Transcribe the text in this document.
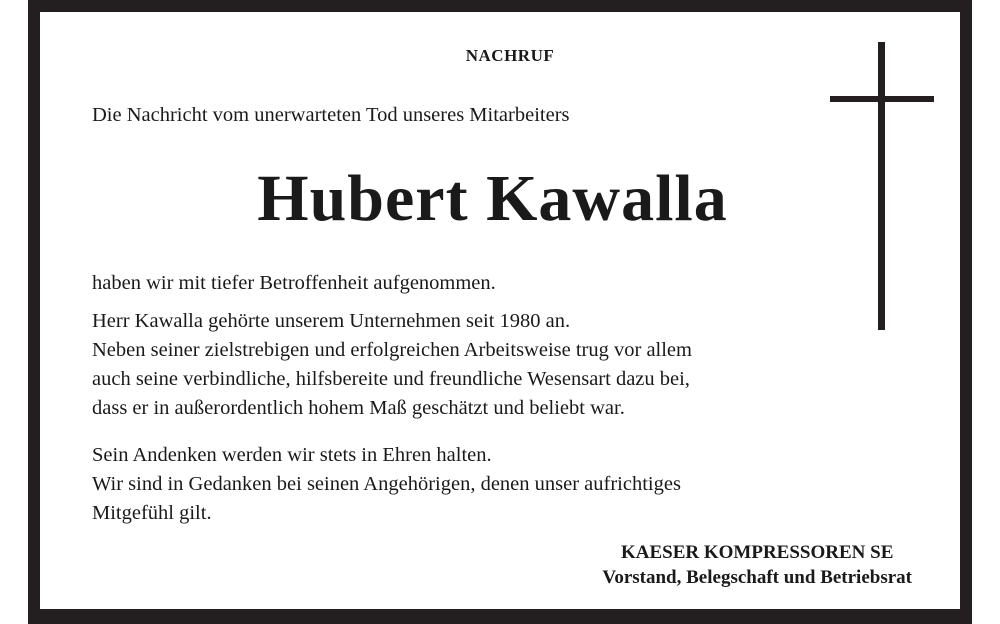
NACHRUF
Die Nachricht vom unerwarteten Tod unseres Mitarbeiters
Hubert Kawalla
haben wir mit tiefer Betroffenheit aufgenommen.
Herr Kawalla gehörte unserem Unternehmen seit 1980 an.
Neben seiner zielstrebigen und erfolgreichen Arbeitsweise trug vor allem
auch seine verbindliche, hilfsbereite und freundliche Wesensart dazu bei,
dass er in außerordentlich hohem Maß geschätzt und beliebt war.
Sein Andenken werden wir stets in Ehren halten.
Wir sind in Gedanken bei seinen Angehörigen, denen unser aufrichtiges
Mitgefühl gilt.
KAESER KOMPRESSOREN SE
Vorstand, Belegschaft und Betriebsrat
